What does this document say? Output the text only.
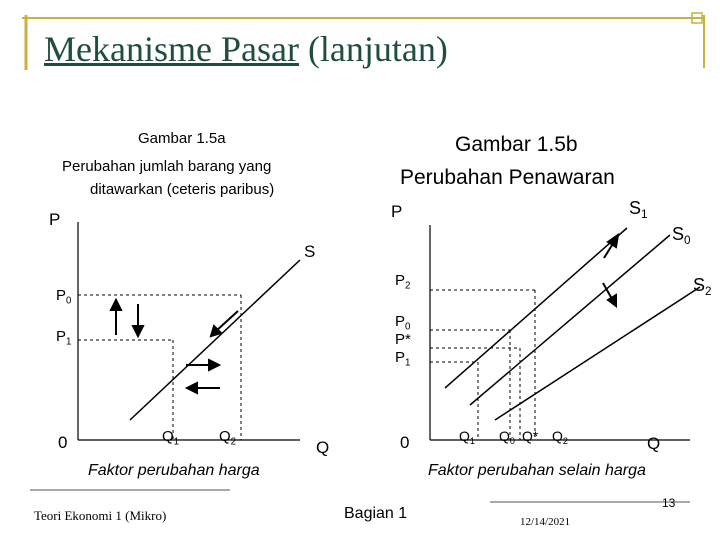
Mekanisme Pasar (lanjutan)
Gambar 1.5a
Perubahan jumlah barang yang
ditawarkan (ceteris paribus)
P
S
$P_0$
$P_1$
0	$Q_1$	$Q_2$	Q
Faktor perubahan harga
Gambar 1.5b
Perubahan Penawaran
P	$S_1$
$S_0$
$S_2$
$P_2$
$P_0$
P*
$P_1$
0	$Q_1$ $Q_0$ Q* $Q_2$	Q
Faktor perubahan selain harga
Teori Ekonomi 1 (Mikro)	Bagian 1
13
12/14/2021
